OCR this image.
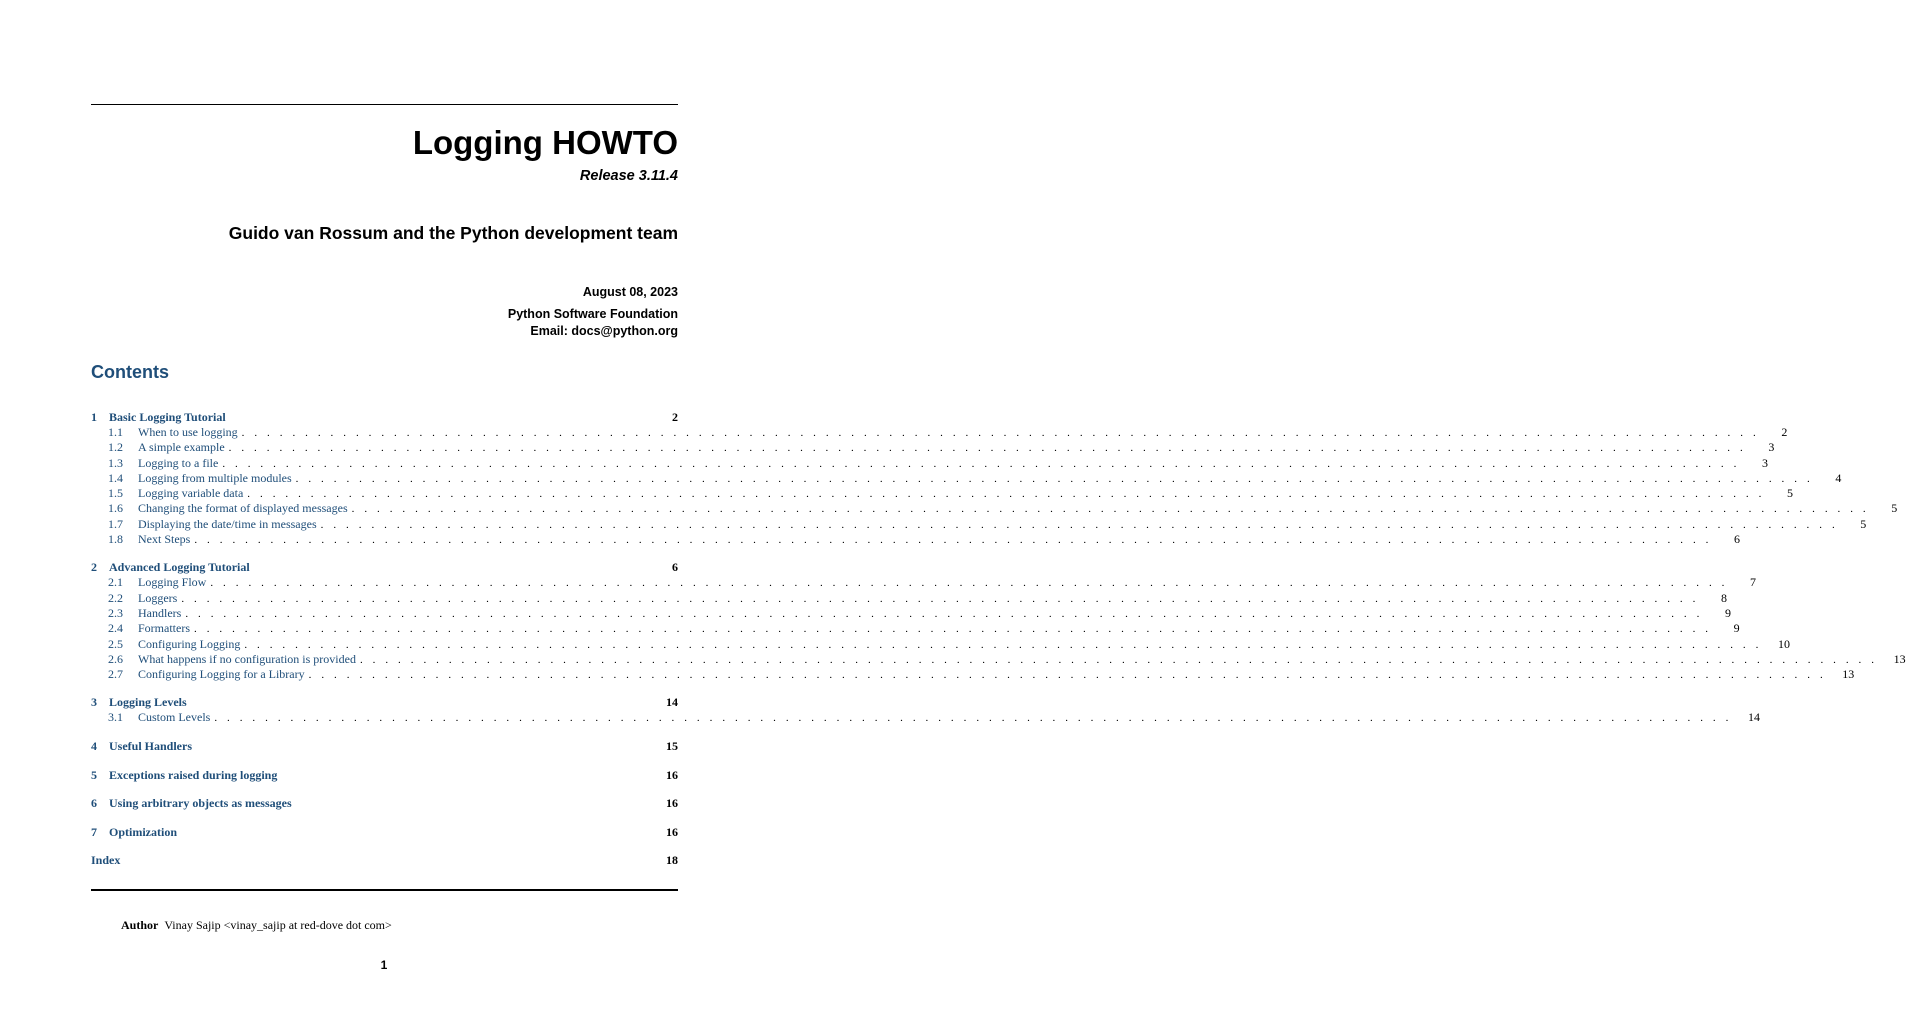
Logging HOWTO
Release 3.11.4
Guido van Rossum and the Python development team
August 08, 2023
Python Software Foundation
Email: docs@python.org
Contents
1	Basic Logging Tutorial	2
1.1	When to use logging . . . . . . . . . . . . . . . . . . . . . . . . . . . . . . . . . . . . . . . . . . . . . . . . . . . . . . . . . . . . . . . . . . . . . . . . . . . . . . . . . . . . . . . . . . . . . . . . . . . . . . . . . . . . . . . . . . . . . . . .	2
1.2	A simple example . . . . . . . . . . . . . . . . . . . . . . . . . . . . . . . . . . . . . . . . . . . . . . . . . . . . . . . . . . . . . . . . . . . . . . . . . . . . . . . . . . . . . . . . . . . . . . . . . . . . . . . . . . . . . . . . . . . . . . . .	3
1.3	Logging to a file . . . . . . . . . . . . . . . . . . . . . . . . . . . . . . . . . . . . . . . . . . . . . . . . . . . . . . . . . . . . . . . . . . . . . . . . . . . . . . . . . . . . . . . . . . . . . . . . . . . . . . . . . . . . . . . . . . . . . . . .	3
1.4	Logging from multiple modules . . . . . . . . . . . . . . . . . . . . . . . . . . . . . . . . . . . . . . . . . . . . . . . . . . . . . . . . . . . . . . . . . . . . . . . . . . . . . . . . . . . . . . . . . . . . . . . . . . . . . . . . . . . . . . . . . . . . . . . .	4
1.5	Logging variable data . . . . . . . . . . . . . . . . . . . . . . . . . . . . . . . . . . . . . . . . . . . . . . . . . . . . . . . . . . . . . . . . . . . . . . . . . . . . . . . . . . . . . . . . . . . . . . . . . . . . . . . . . . . . . . . . . . . . . . . .	5
1.6	Changing the format of displayed messages . . . . . . . . . . . . . . . . . . . . . . . . . . . . . . . . . . . . . . . . . . . . . . . . . . . . . . . . . . . . . . . . . . . . . . . . . . . . . . . . . . . . . . . . . . . . . . . . . . . . . . . . . . . . . . . . . . . . . . . .	5
1.7	Displaying the date/time in messages . . . . . . . . . . . . . . . . . . . . . . . . . . . . . . . . . . . . . . . . . . . . . . . . . . . . . . . . . . . . . . . . . . . . . . . . . . . . . . . . . . . . . . . . . . . . . . . . . . . . . . . . . . . . . . . . . . . . . . . .	5
1.8	Next Steps . . . . . . . . . . . . . . . . . . . . . . . . . . . . . . . . . . . . . . . . . . . . . . . . . . . . . . . . . . . . . . . . . . . . . . . . . . . . . . . . . . . . . . . . . . . . . . . . . . . . . . . . . . . . . . . . . . . . . . . .	6
2	Advanced Logging Tutorial	6
2.1	Logging Flow . . . . . . . . . . . . . . . . . . . . . . . . . . . . . . . . . . . . . . . . . . . . . . . . . . . . . . . . . . . . . . . . . . . . . . . . . . . . . . . . . . . . . . . . . . . . . . . . . . . . . . . . . . . . . . . . . . . . . . . .	7
2.2	Loggers . . . . . . . . . . . . . . . . . . . . . . . . . . . . . . . . . . . . . . . . . . . . . . . . . . . . . . . . . . . . . . . . . . . . . . . . . . . . . . . . . . . . . . . . . . . . . . . . . . . . . . . . . . . . . . . . . . . . . . . .	8
2.3	Handlers . . . . . . . . . . . . . . . . . . . . . . . . . . . . . . . . . . . . . . . . . . . . . . . . . . . . . . . . . . . . . . . . . . . . . . . . . . . . . . . . . . . . . . . . . . . . . . . . . . . . . . . . . . . . . . . . . . . . . . . .	9
2.4	Formatters . . . . . . . . . . . . . . . . . . . . . . . . . . . . . . . . . . . . . . . . . . . . . . . . . . . . . . . . . . . . . . . . . . . . . . . . . . . . . . . . . . . . . . . . . . . . . . . . . . . . . . . . . . . . . . . . . . . . . . . .	9
2.5	Configuring Logging . . . . . . . . . . . . . . . . . . . . . . . . . . . . . . . . . . . . . . . . . . . . . . . . . . . . . . . . . . . . . . . . . . . . . . . . . . . . . . . . . . . . . . . . . . . . . . . . . . . . . . . . . . . . . . . . . . . . . . . .	10
2.6	What happens if no configuration is provided . . . . . . . . . . . . . . . . . . . . . . . . . . . . . . . . . . . . . . . . . . . . . . . . . . . . . . . . . . . . . . . . . . . . . . . . . . . . . . . . . . . . . . . . . . . . . . . . . . . . . . . . . . . . . . . . . . . . . . . .	13
2.7	Configuring Logging for a Library . . . . . . . . . . . . . . . . . . . . . . . . . . . . . . . . . . . . . . . . . . . . . . . . . . . . . . . . . . . . . . . . . . . . . . . . . . . . . . . . . . . . . . . . . . . . . . . . . . . . . . . . . . . . . . . . . . . . . . . .	13
3	Logging Levels	14
3.1	Custom Levels . . . . . . . . . . . . . . . . . . . . . . . . . . . . . . . . . . . . . . . . . . . . . . . . . . . . . . . . . . . . . . . . . . . . . . . . . . . . . . . . . . . . . . . . . . . . . . . . . . . . . . . . . . . . . . . . . . . . . . . .	14
4	Useful Handlers	15
5	Exceptions raised during logging	16
6	Using arbitrary objects as messages	16
7	Optimization	16
Index	18
Author Vinay Sajip <vinay_sajip at red-dove dot com>
1
